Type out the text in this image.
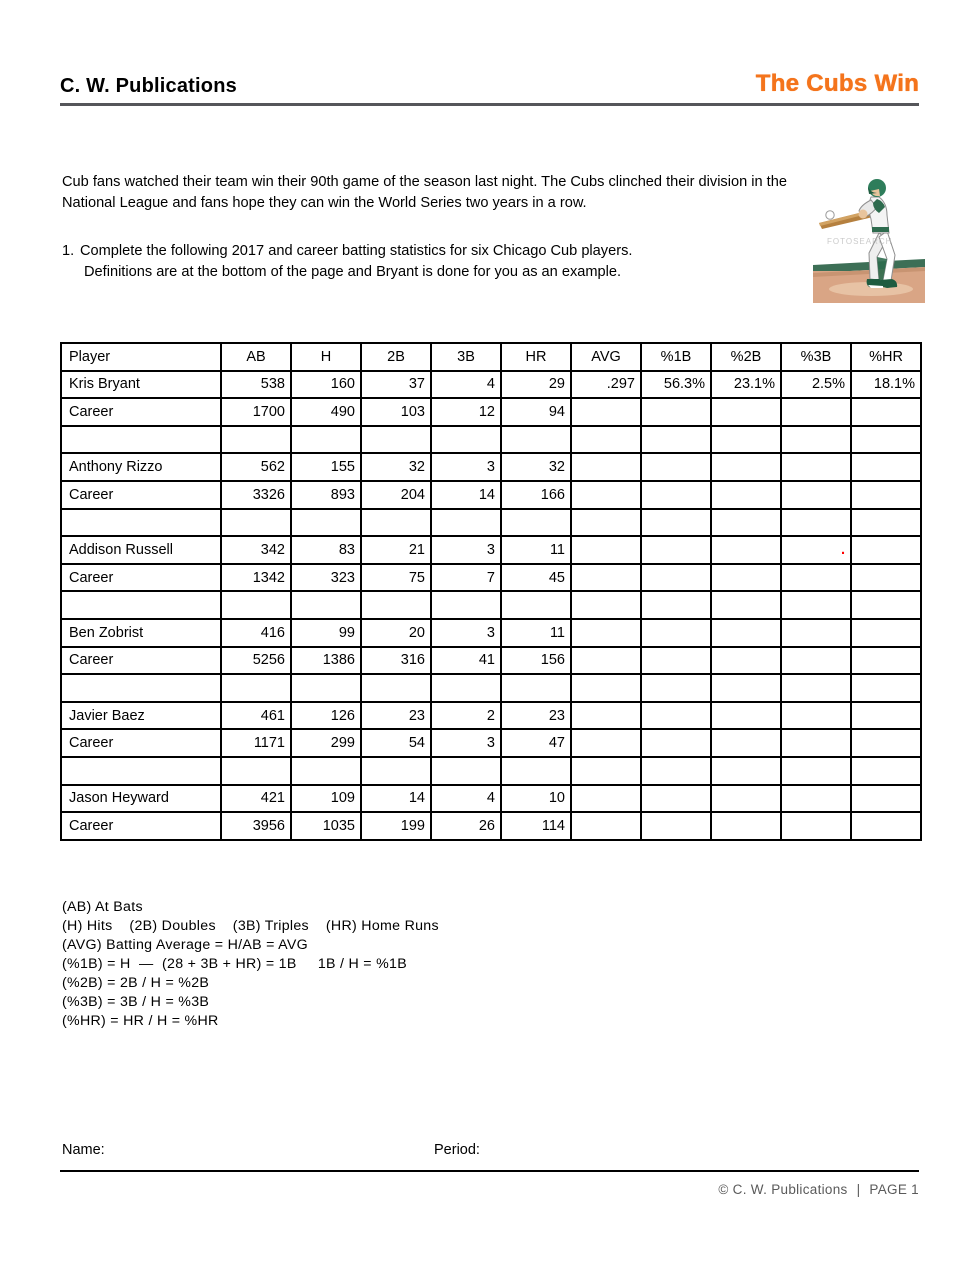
C. W. Publications	The Cubs Win

Cub fans watched their team win their 90th game of the season last night. The Cubs clinched their division in the National League and fans hope they can win the World Series two years in a row.

1. Complete the following 2017 and career batting statistics for six Chicago Cub players.
Definitions are at the bottom of the page and Bryant is done for you as an example.
FOTOSEARCH
Player	AB	H	2B	3B	HR	AVG	%1B	%2B	%3B	%HR
Kris Bryant	538	160	37	4	29	.297	56.3%	23.1%	2.5%	18.1%
Career	1700	490	103	12	94					

Anthony Rizzo	562	155	32	3	32					
Career	3326	893	204	14	166					

Addison Russell	342	83	21	3	11				.	
Career	1342	323	75	7	45					

Ben Zobrist	416	99	20	3	11					
Career	5256	1386	316	41	156					

Javier Baez	461	126	23	2	23					
Career	1171	299	54	3	47					

Jason Heyward	421	109	14	4	10					
Career	3956	1035	199	26	114					
(AB) At Bats
(H) Hits    (2B) Doubles    (3B) Triples    (HR) Home Runs
(AVG) Batting Average = H/AB = AVG
(%1B) = H  —  (28 + 3B + HR) = 1B     1B / H = %1B
(%2B) = 2B / H = %2B
(%3B) = 3B / H = %3B
(%HR) = HR / H = %HR
Name:	Period:
© C. W. Publications | PAGE 1
